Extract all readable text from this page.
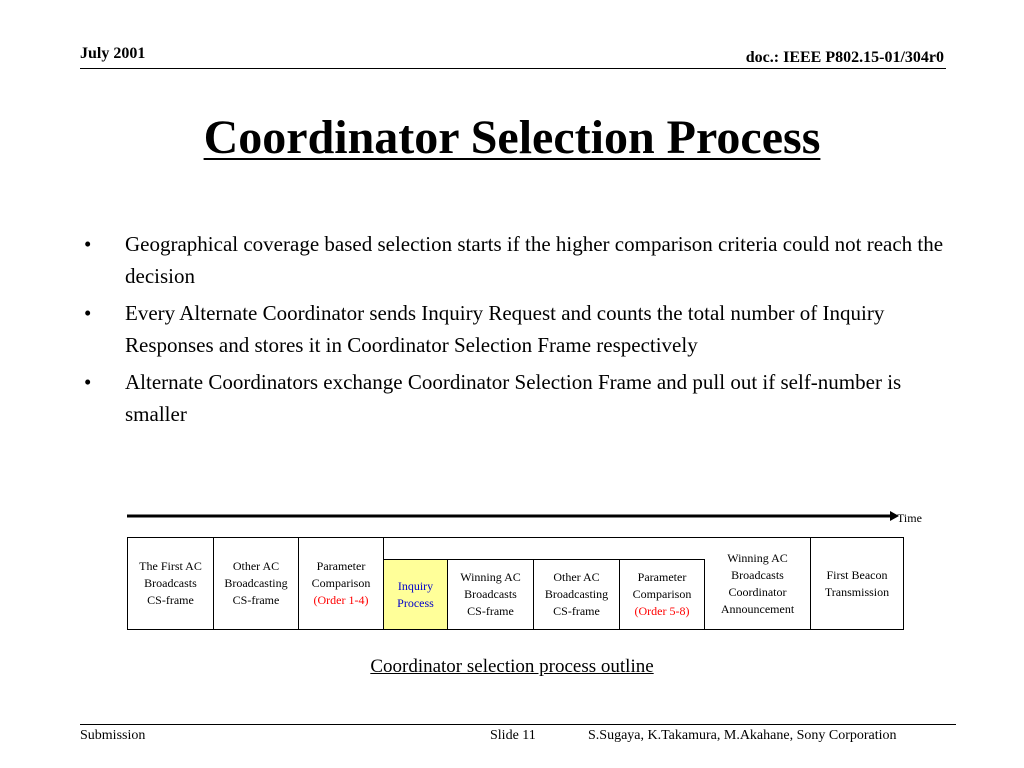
July 2001	doc.: IEEE P802.15-01/304r0
Coordinator Selection Process
• Geographical coverage based selection starts if the higher comparison criteria could not reach the decision
• Every Alternate Coordinator sends Inquiry Request and counts the total number of Inquiry Responses and stores it in Coordinator Selection Frame respectively
• Alternate Coordinators exchange Coordinator Selection Frame and pull out if self-number is smaller
Time
The First AC
Broadcasts
CS-frame
Other AC
Broadcasting
CS-frame
Parameter
Comparison
(Order 1-4)
Inquiry
Process
Winning AC
Broadcasts
CS-frame
Other AC
Broadcasting
CS-frame
Parameter
Comparison
(Order 5-8)
Winning AC
Broadcasts
Coordinator
Announcement
First Beacon
Transmission
Coordinator selection process outline
Submission	Slide 11	S.Sugaya, K.Takamura, M.Akahane, Sony Corporation
